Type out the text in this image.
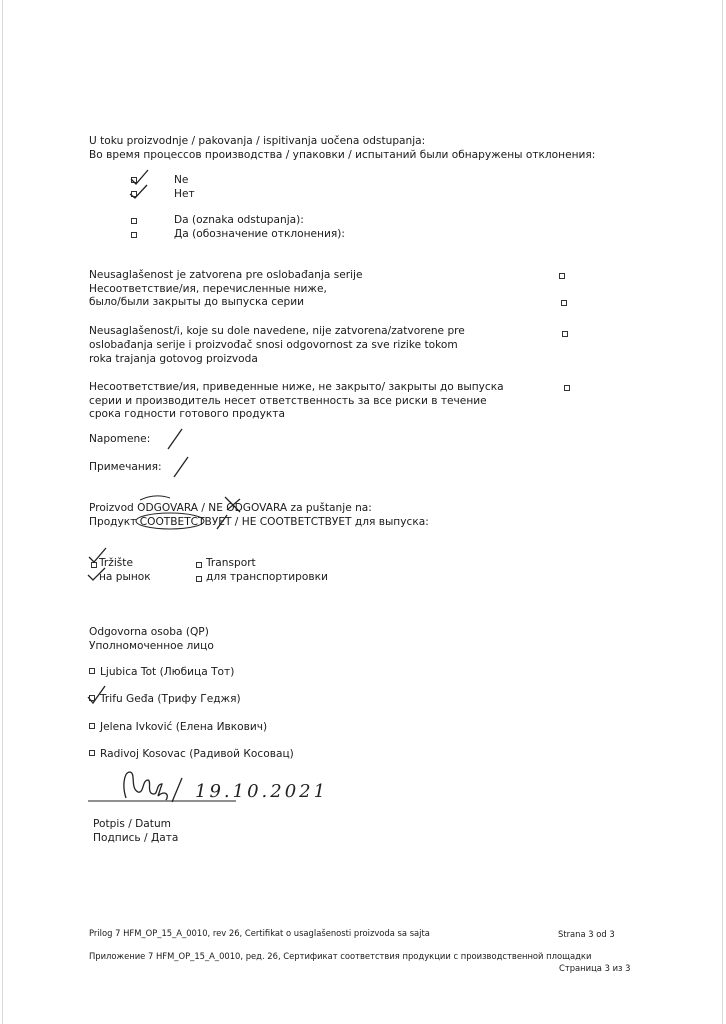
U toku proizvodnje / pakovanja / ispitivanja uočena odstupanja:
Во время процессов производства / упаковки / испытаний были обнаружены отклонения:
Ne
Нет
Da (oznaka odstupanja):
Да (обозначение отклонения):
Neusaglašenost je zatvorena pre oslobađanja serije
Несоответствие/ия, перечисленные ниже,
было/были закрыты до выпуска серии
Neusaglašenost/i, koje su dole navedene, nije zatvorena/zatvorene pre
oslobađanja serije i proizvođač snosi odgovornost za sve rizike tokom
roka trajanja gotovog proizvoda
Несоответствие/ия, приведенные ниже, не закрыто/ закрыты до выпуска
серии и производитель несет ответственность за все риски в течение
срока годности готового продукта
Napomene:
Примечания:
Proizvod ODGOVARA / NE ODGOVARA za puštanje na:
Продукт СООТВЕТСТВУЕТ / НЕ СООТВЕТСТВУЕТ для выпуска:
Tržište
на рынок
Transport
для транспортировки
Odgovorna osoba (QP)
Уполномоченное лицо
Ljubica Tot (Любица Тот)
Trifu Geđa (Трифу Геджя)
Jelena Ivković (Елена Ивкович)
Radivoj Kosovac (Радивой Косовац)
19.10.2021
Potpis / Datum
Подпись / Дата
Prilog 7 HFM_OP_15_A_0010, rev 26, Certifikat o usaglašenosti proizvoda sa sajta	Strana 3 od 3
Приложение 7 HFM_OP_15_A_0010, ред. 26, Сертификат соответствия продукции с производственной площадки
Страница 3 из 3
